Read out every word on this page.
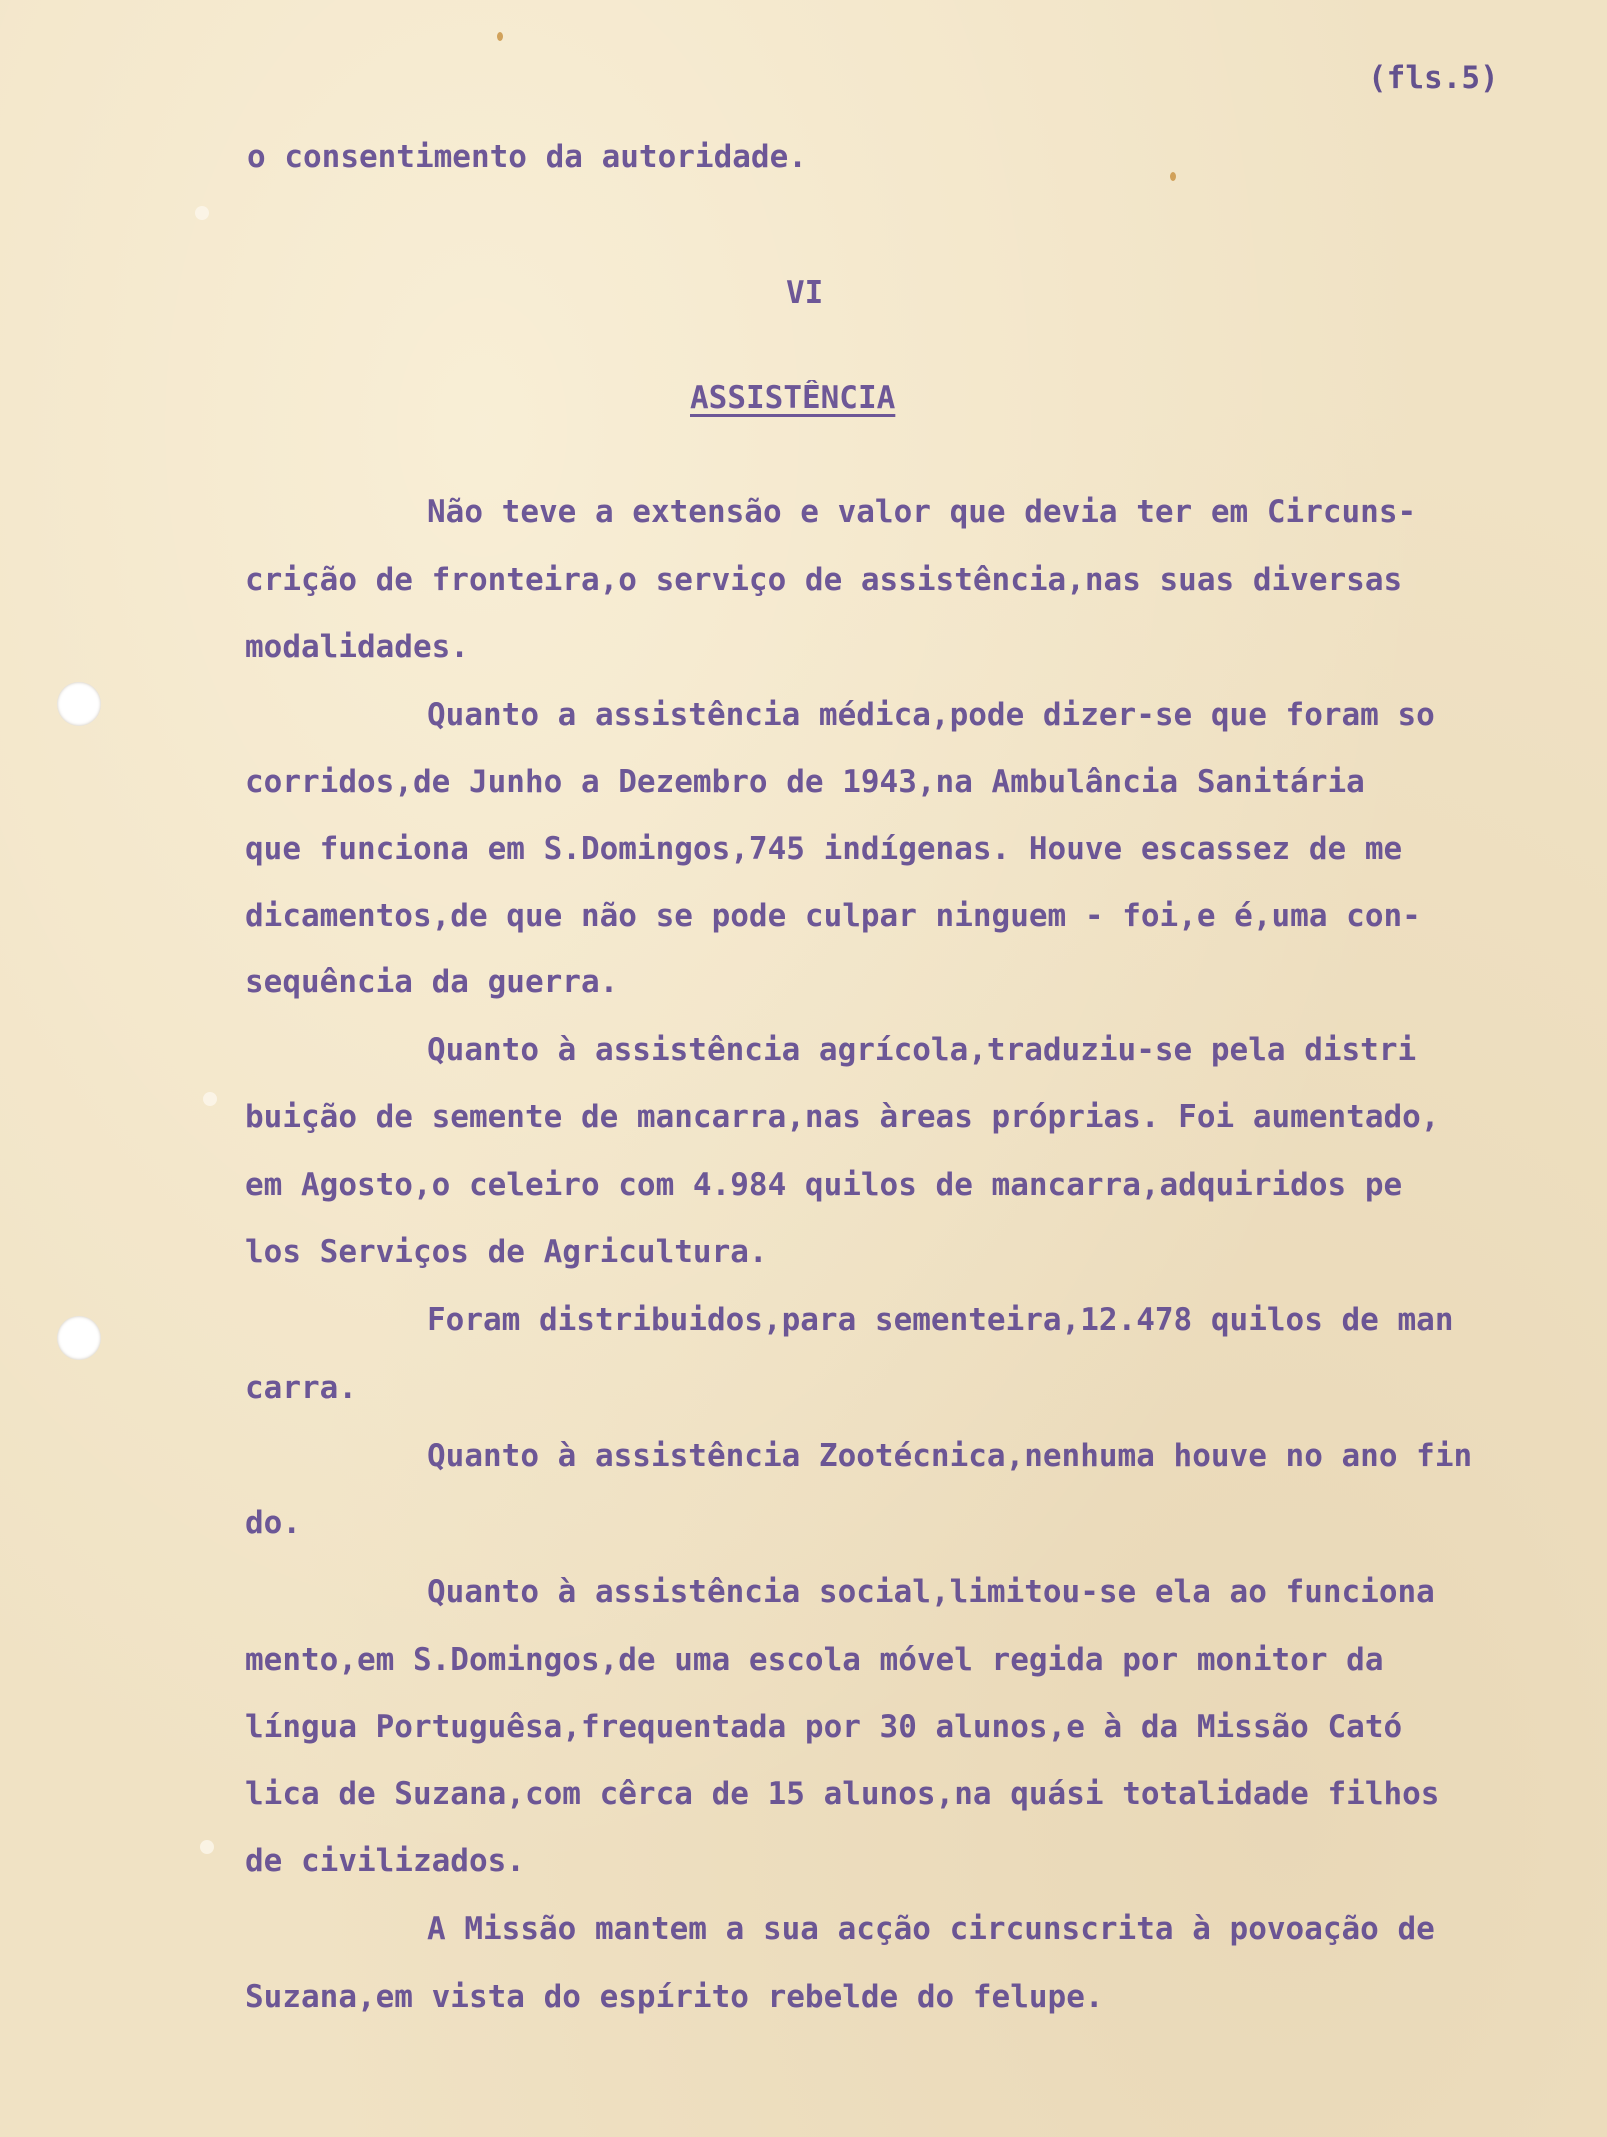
(fls.5)

o consentimento da autoridade.

VI

ASSISTÊNCIA

Não teve a extensão e valor que devia ter em Circuns-

crição de fronteira,o serviço de assistência,nas suas diversas

modalidades.

Quanto a assistência médica,pode dizer-se que foram so

corridos,de Junho a Dezembro de 1943,na Ambulância Sanitária

que funciona em S.Domingos,745 indígenas. Houve escassez de me

dicamentos,de que não se pode culpar ninguem - foi,e é,uma con-

sequência da guerra.

Quanto à assistência agrícola,traduziu-se pela distri

buição de semente de mancarra,nas àreas próprias. Foi aumentado,

em Agosto,o celeiro com 4.984 quilos de mancarra,adquiridos pe

los Serviços de Agricultura.

Foram distribuidos,para sementeira,12.478 quilos de man

carra.

Quanto à assistência Zootécnica,nenhuma houve no ano fin

do.

Quanto à assistência social,limitou-se ela ao funciona

mento,em S.Domingos,de uma escola móvel regida por monitor da

língua Portuguêsa,frequentada por 30 alunos,e à da Missão Cató

lica de Suzana,com cêrca de 15 alunos,na quási totalidade filhos

de civilizados.

A Missão mantem a sua acção circunscrita à povoação de

Suzana,em vista do espírito rebelde do felupe.
